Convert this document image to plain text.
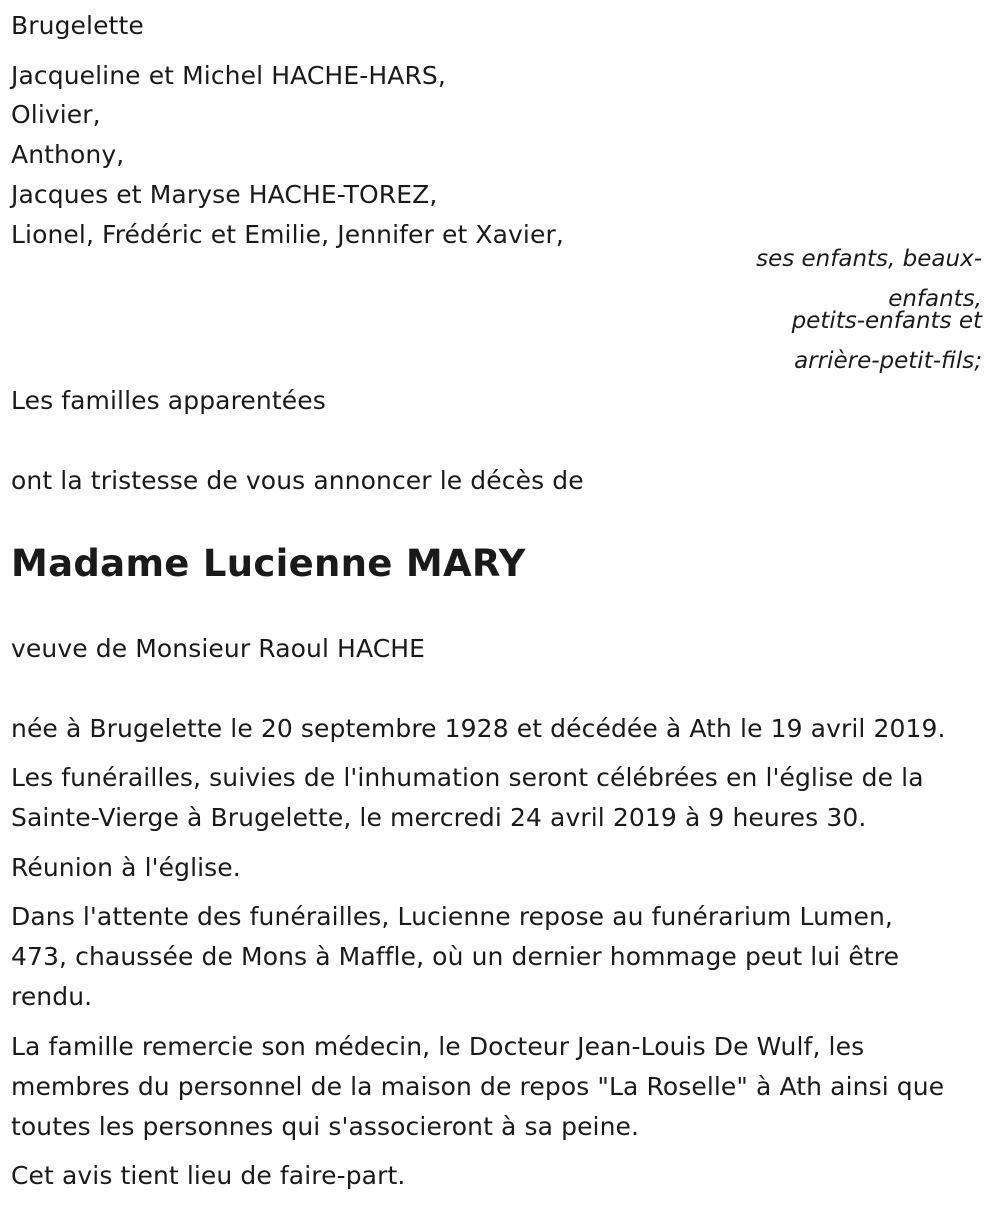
Brugelette
Jacqueline et Michel HACHE-HARS,
Olivier,
Anthony,
Jacques et Maryse HACHE-TOREZ,
Lionel, Frédéric et Emilie, Jennifer et Xavier,
ses enfants, beaux-
enfants,
petits-enfants et
arrière-petit-fils;
Les familles apparentées
ont la tristesse de vous annoncer le décès de
Madame Lucienne MARY
veuve de Monsieur Raoul HACHE
née à Brugelette le 20 septembre 1928 et décédée à Ath le 19 avril 2019.
Les funérailles, suivies de l'inhumation seront célébrées en l'église de la
Sainte-Vierge à Brugelette, le mercredi 24 avril 2019 à 9 heures 30.
Réunion à l'église.
Dans l'attente des funérailles, Lucienne repose au funérarium Lumen,
473, chaussée de Mons à Maffle, où un dernier hommage peut lui être
rendu.
La famille remercie son médecin, le Docteur Jean-Louis De Wulf, les
membres du personnel de la maison de repos "La Roselle" à Ath ainsi que
toutes les personnes qui s'associeront à sa peine.
Cet avis tient lieu de faire-part.
